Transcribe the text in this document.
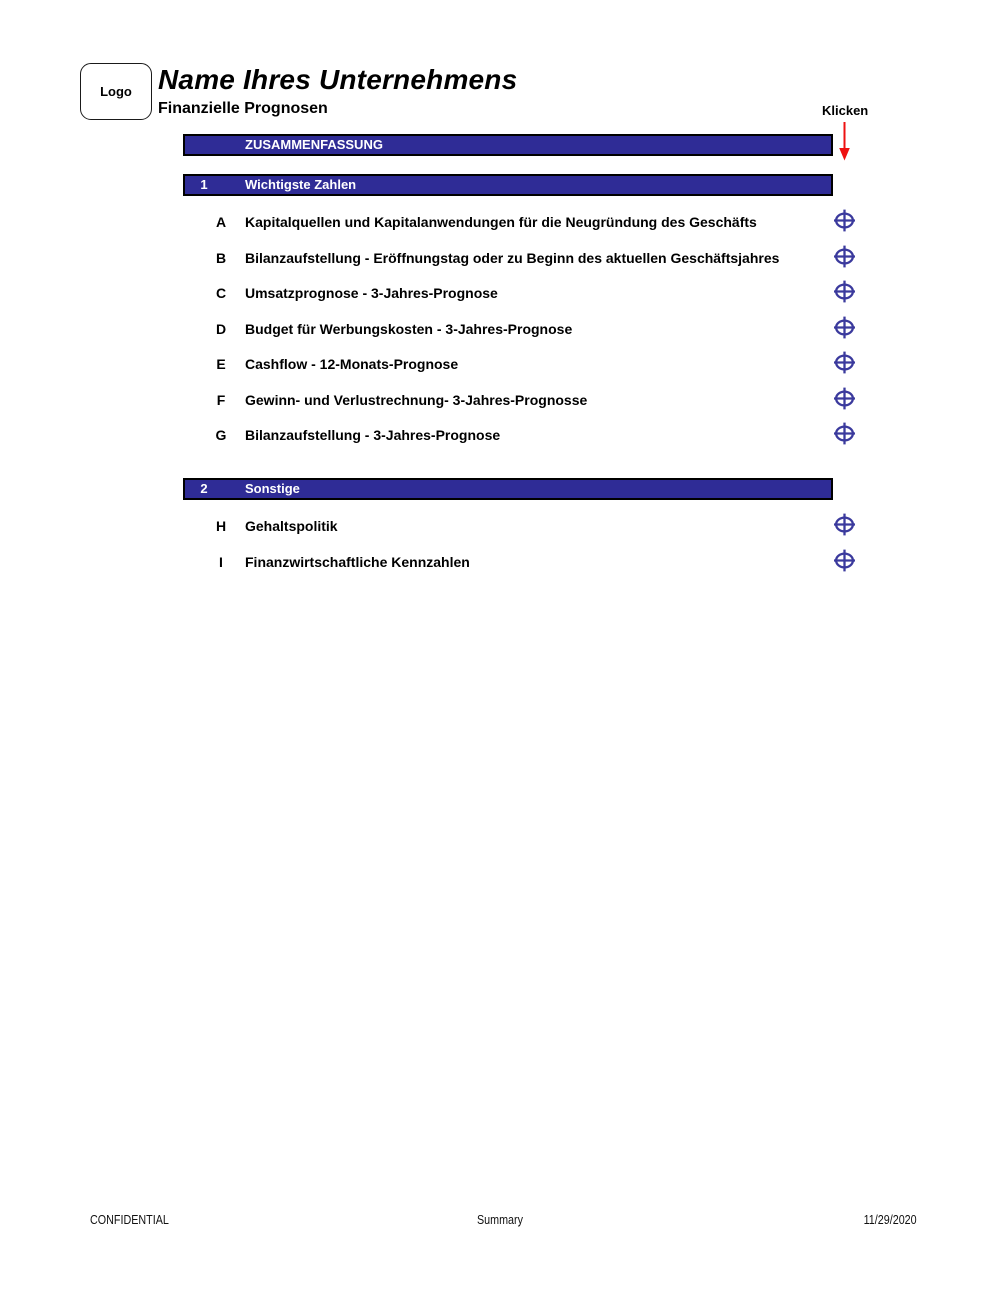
Logo Name Ihres Unternehmens
Finanzielle Prognosen	Klicken
ZUSAMMENFASSUNG
1	Wichtigste Zahlen
A	Kapitalquellen und Kapitalanwendungen für die Neugründung des Geschäfts
B	Bilanzaufstellung - Eröffnungstag oder zu Beginn des aktuellen Geschäftsjahres
C	Umsatzprognose - 3-Jahres-Prognose
D	Budget für Werbungskosten - 3-Jahres-Prognose
E	Cashflow - 12-Monats-Prognose
F	Gewinn- und Verlustrechnung- 3-Jahres-Prognosse
G	Bilanzaufstellung - 3-Jahres-Prognose
2	Sonstige
H	Gehaltspolitik
I	Finanzwirtschaftliche Kennzahlen
CONFIDENTIAL	Summary	11/29/2020
